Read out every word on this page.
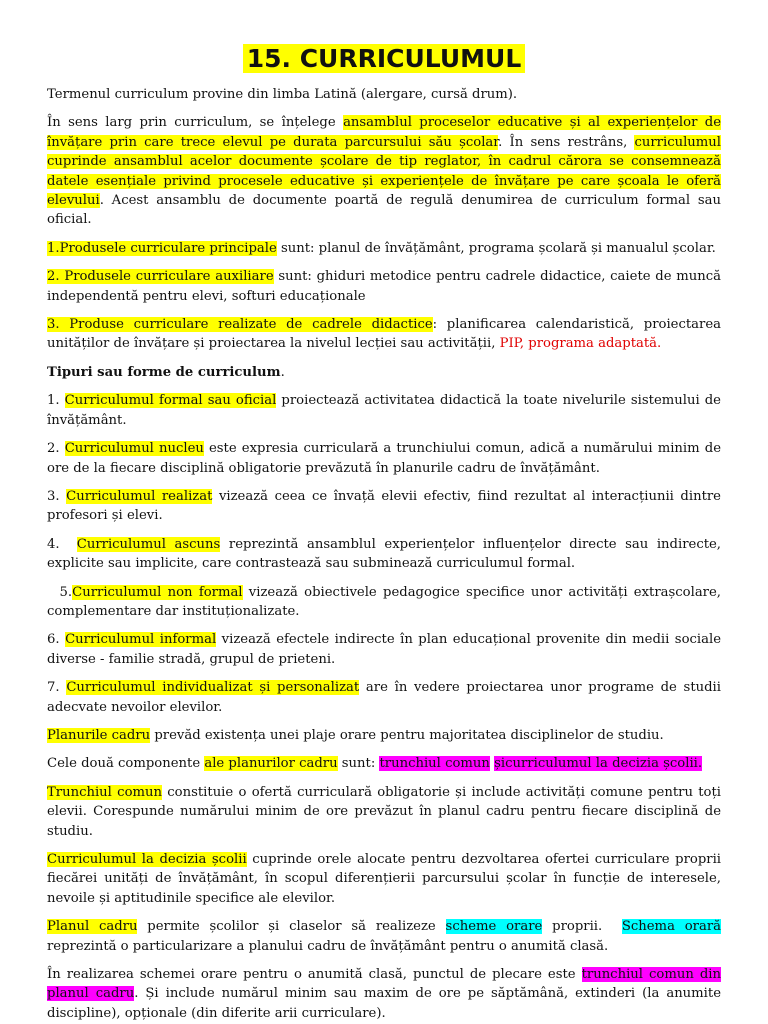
15. CURRICULUMUL

Termenul curriculum provine din limba Latină (alergare, cursă drum).

În sens larg prin curriculum, se înțelege ansamblul proceselor educative și al experiențelor de învățare prin care trece elevul pe durata parcursului său școlar. În sens restrâns, curriculumul cuprinde ansamblul acelor documente școlare de tip reglator, în cadrul cărora se consemnează datele esențiale privind procesele educative și experiențele de învățare pe care școala le oferă elevului. Acest ansamblu de documente poartă de regulă denumirea de curriculum formal sau oficial.

1.Produsele curriculare principale sunt: planul de învățământ, programa școlară și manualul școlar.

2. Produsele curriculare auxiliare sunt: ghiduri metodice pentru cadrele didactice, caiete de muncă independentă pentru elevi, softuri educaționale

3. Produse curriculare realizate de cadrele didactice: planificarea calendaristică, proiectarea unităților de învățare și proiectarea la nivelul lecției sau activității, PIP, programa adaptată.

Tipuri sau forme de curriculum.

1. Curriculumul formal sau oficial proiectează activitatea didactică la toate nivelurile sistemului de învățământ.

2. Curriculumul nucleu este expresia curriculară a trunchiului comun, adică a numărului minim de ore de la fiecare disciplină obligatorie prevăzută în planurile cadru de învățământ.

3. Curriculumul realizat vizează ceea ce învață elevii efectiv, fiind rezultat al interacțiunii dintre profesori și elevi.

4.  Curriculumul ascuns reprezintă ansamblul experiențelor influențelor directe sau indirecte, explicite sau implicite, care contrastează sau subminează curriculumul formal.

5.Curriculumul non formal vizează obiectivele pedagogice specifice unor activități extrașcolare, complementare dar instituționalizate.

6. Curriculumul informal vizează efectele indirecte în plan educațional provenite din medii sociale diverse - familie stradă, grupul de prieteni.

7. Curriculumul individualizat și personalizat are în vedere proiectarea unor programe de studii adecvate nevoilor elevilor.

Planurile cadru prevăd existența unei plaje orare pentru majoritatea disciplinelor de studiu.

Cele două componente ale planurilor cadru sunt: trunchiul comun șicurriculumul la decizia școlii.

Trunchiul comun constituie o ofertă curriculară obligatorie și include activități comune pentru toți elevii. Corespunde numărului minim de ore prevăzut în planul cadru pentru fiecare disciplină de studiu.

Curriculumul la decizia școlii cuprinde orele alocate pentru dezvoltarea ofertei curriculare proprii fiecărei unități de învățământ, în scopul diferențierii parcursului școlar în funcție de interesele, nevoile și aptitudinile specifice ale elevilor.

Planul cadru permite școlilor și claselor să realizeze scheme orare proprii.  Schema orară reprezintă o particularizare a planului cadru de învățământ pentru o anumită clasă.

În realizarea schemei orare pentru o anumită clasă, punctul de plecare este trunchiul comun din planul cadru. Și include numărul minim sau maxim de ore pe săptămână, extinderi (la anumite discipline), opționale (din diferite arii curriculare).
